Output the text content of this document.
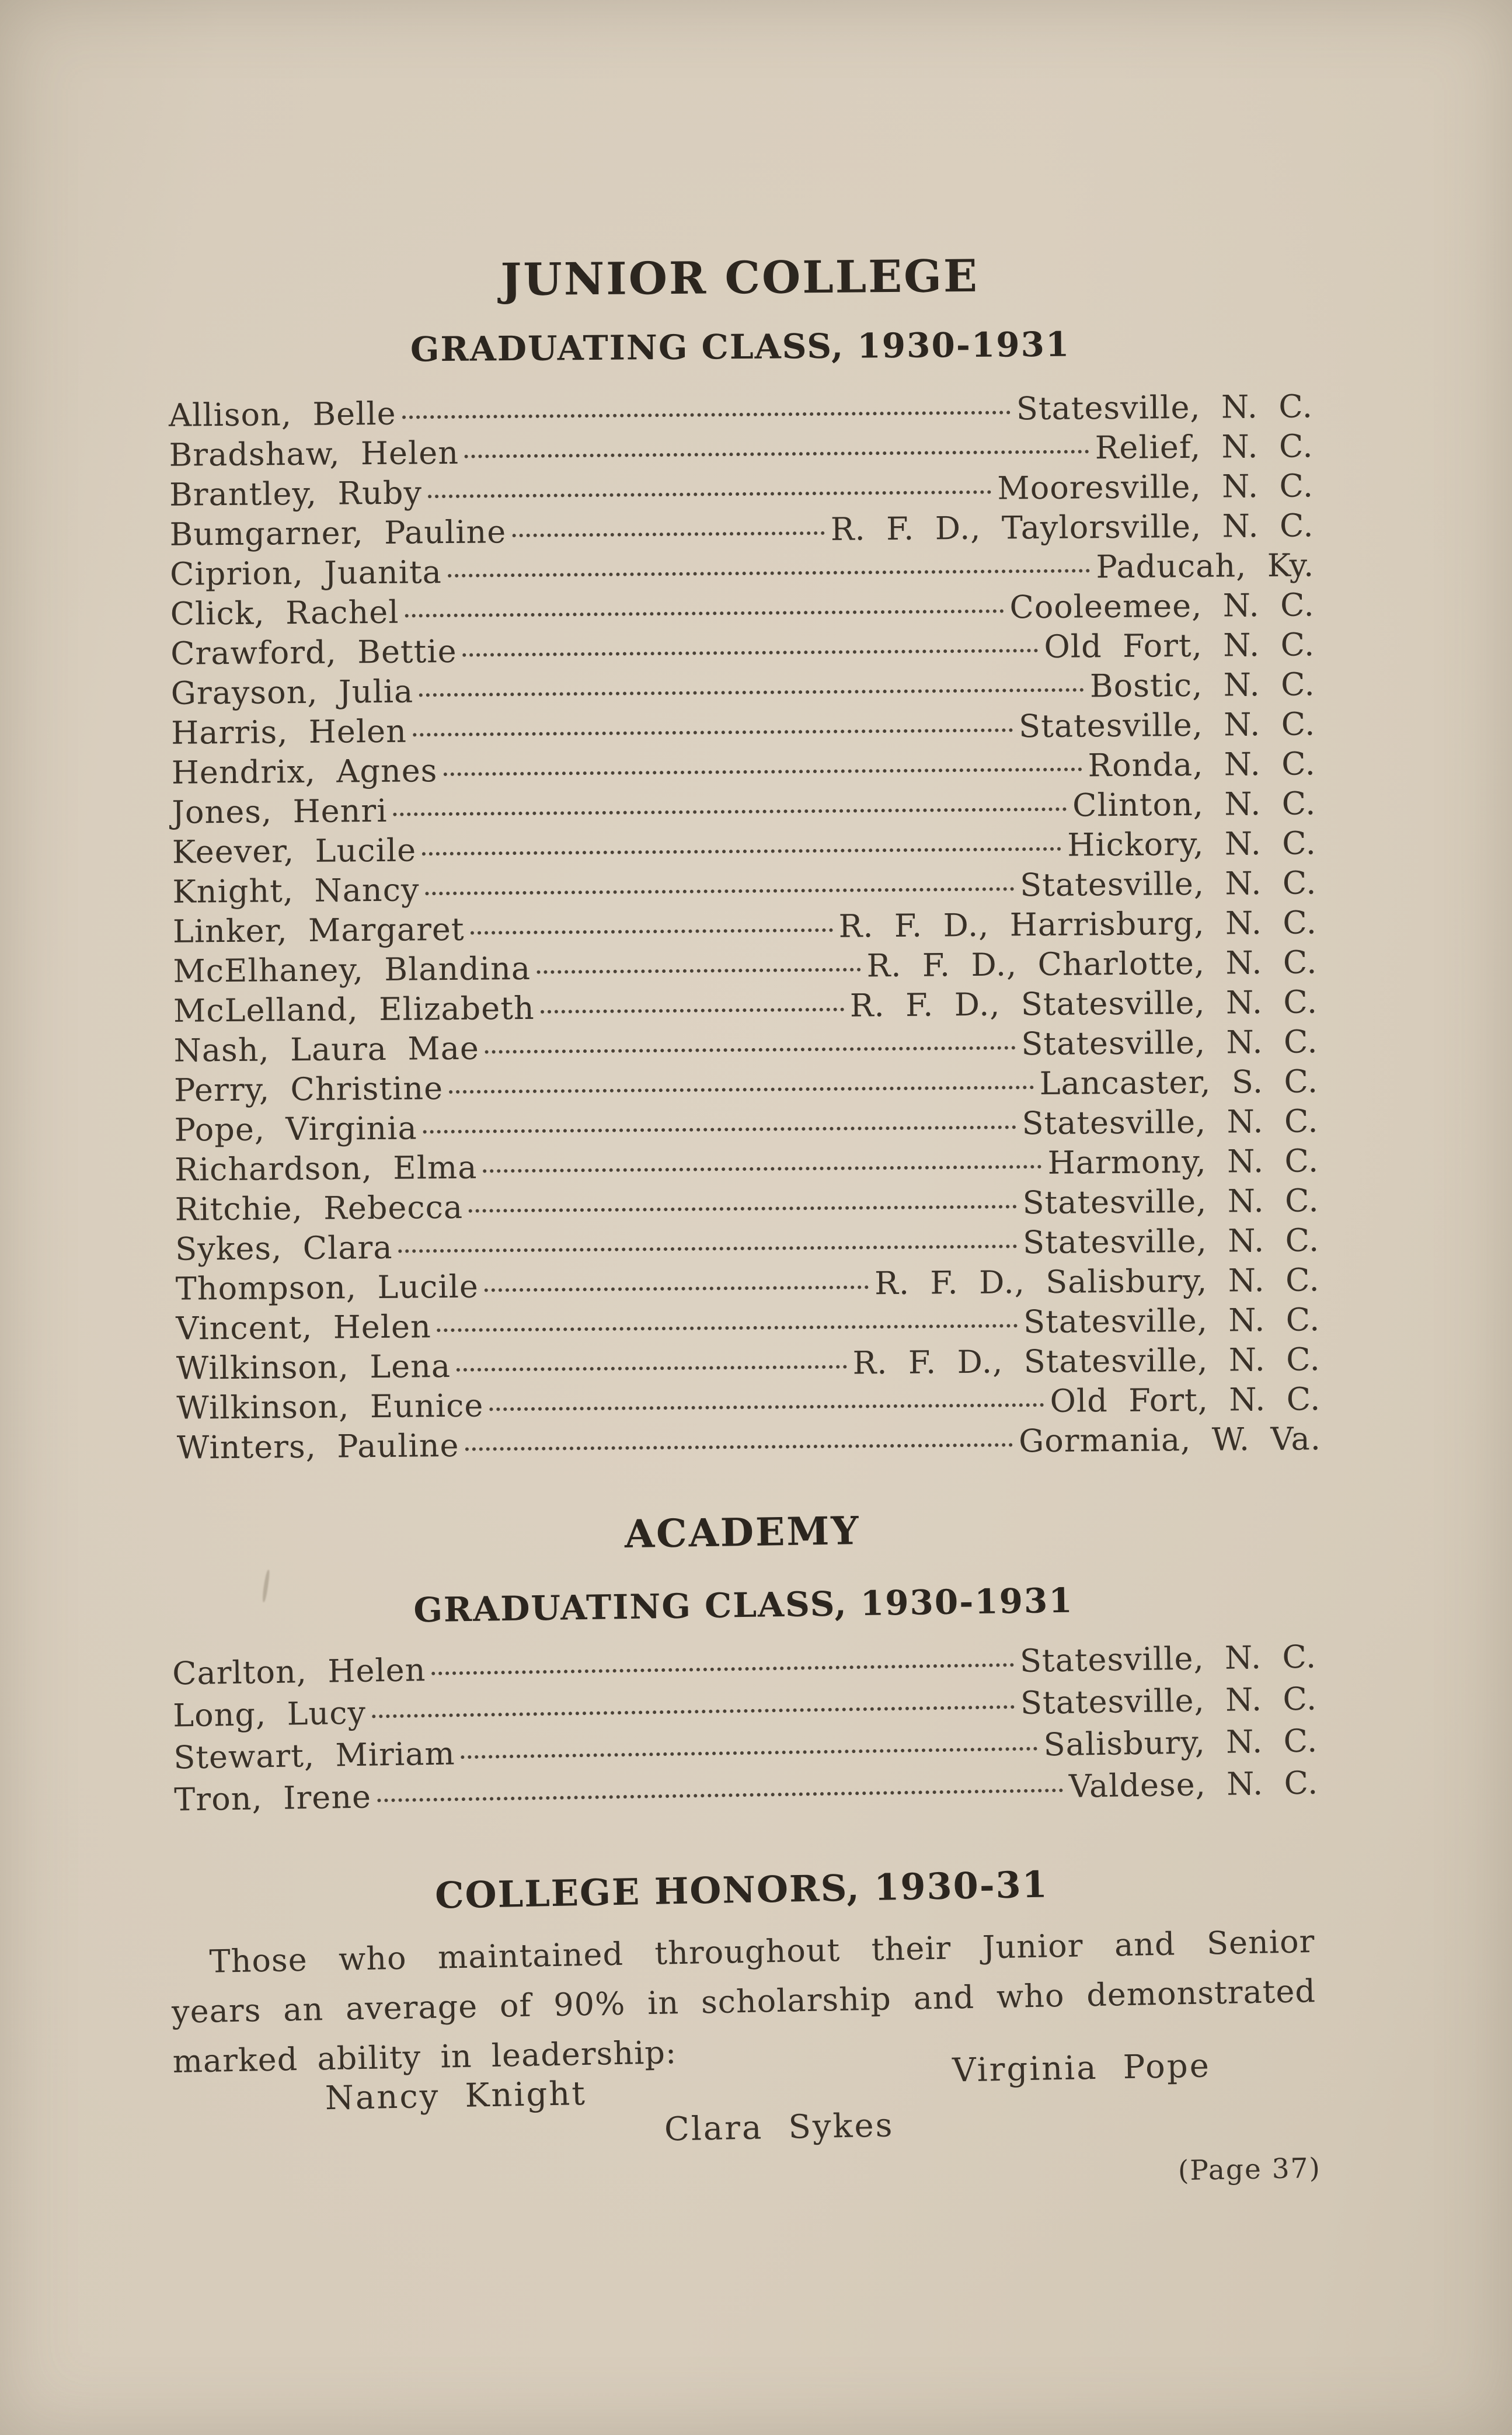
JUNIOR COLLEGE
GRADUATING CLASS, 1930-1931
Allison, Belle	Statesville, N. C.
Bradshaw, Helen	Relief, N. C.
Brantley, Ruby	Mooresville, N. C.
Bumgarner, Pauline	R. F. D., Taylorsville, N. C.
Ciprion, Juanita	Paducah, Ky.
Click, Rachel	Cooleemee, N. C.
Crawford, Bettie	Old Fort, N. C.
Grayson, Julia	Bostic, N. C.
Harris, Helen	Statesville, N. C.
Hendrix, Agnes	Ronda, N. C.
Jones, Henri	Clinton, N. C.
Keever, Lucile	Hickory, N. C.
Knight, Nancy	Statesville, N. C.
Linker, Margaret	R. F. D., Harrisburg, N. C.
McElhaney, Blandina	R. F. D., Charlotte, N. C.
McLelland, Elizabeth	R. F. D., Statesville, N. C.
Nash, Laura Mae	Statesville, N. C.
Perry, Christine	Lancaster, S. C.
Pope, Virginia	Statesville, N. C.
Richardson, Elma	Harmony, N. C.
Ritchie, Rebecca	Statesville, N. C.
Sykes, Clara	Statesville, N. C.
Thompson, Lucile	R. F. D., Salisbury, N. C.
Vincent, Helen	Statesville, N. C.
Wilkinson, Lena	R. F. D., Statesville, N. C.
Wilkinson, Eunice	Old Fort, N. C.
Winters, Pauline	Gormania, W. Va.
ACADEMY
GRADUATING CLASS, 1930-1931
Carlton, Helen	Statesville, N. C.
Long, Lucy	Statesville, N. C.
Stewart, Miriam	Salisbury, N. C.
Tron, Irene	Valdese, N. C.
COLLEGE HONORS, 1930-31

Those who maintained throughout their Junior and Senior years an average of 90% in scholarship and who demonstrated marked ability in leadership:

Nancy Knight
Virginia Pope
Clara Sykes
(Page 37)
